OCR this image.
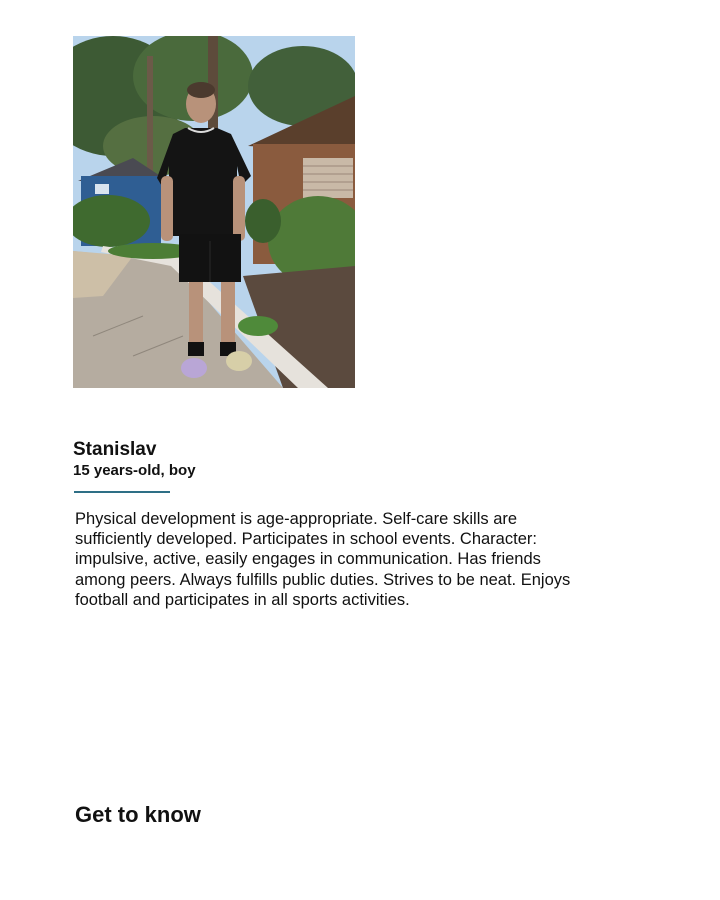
Stanislav

15 years-old, boy

Physical development is age-appropriate. Self-care skills are sufficiently developed. Participates in school events. Character: impulsive, active, easily engages in communication. Has friends among peers. Always fulfills public duties. Strives to be neat. Enjoys football and participates in all sports activities.

Get to know
